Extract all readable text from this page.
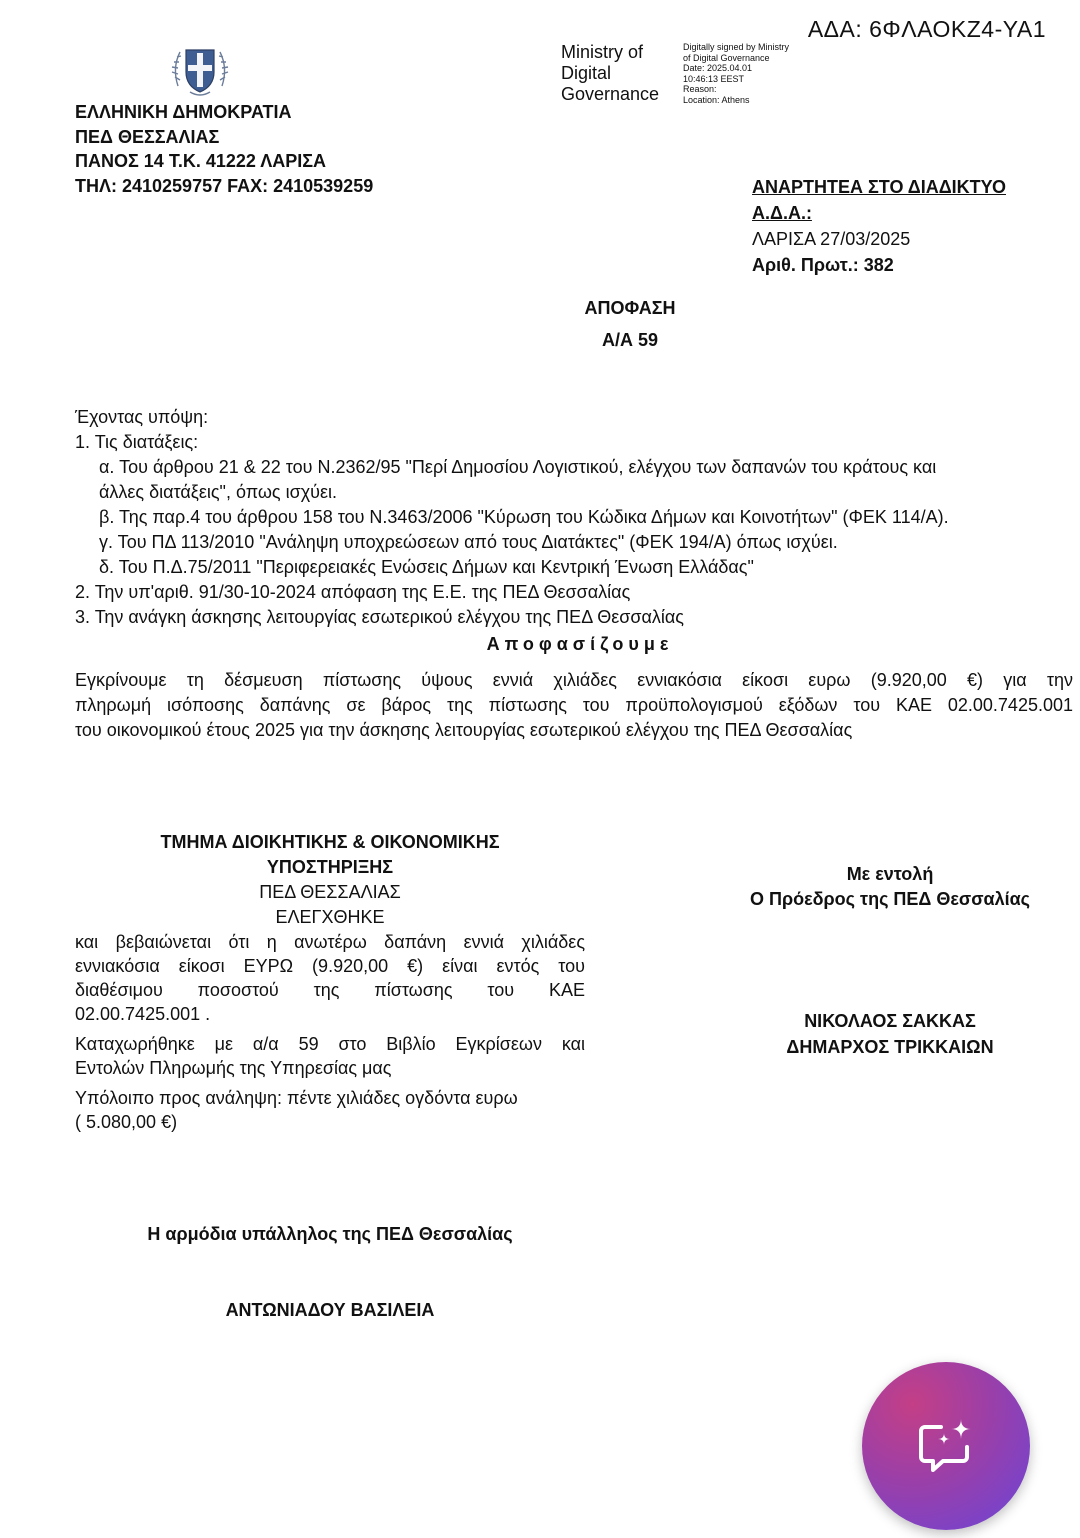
ΑΔΑ: 6ΦΛΑΟΚΖ4-ΥΑ1
ΕΛΛΗΝΙΚΗ ΔΗΜΟΚΡΑΤΙΑ
ΠΕΔ ΘΕΣΣΑΛΙΑΣ
ΠΑΝΟΣ 14 Τ.Κ. 41222 ΛΑΡΙΣΑ
ΤΗΛ: 2410259757 FAX: 2410539259
Ministry of
Digital
Governance
Digitally signed by Ministry
of Digital Governance
Date: 2025.04.01
10:46:13 EEST
Reason:
Location: Athens
ΑΝΑΡΤΗΤΕΑ ΣΤΟ ΔΙΑΔΙΚΤΥΟ
Α.Δ.Α.:
ΛΑΡΙΣΑ 27/03/2025
Αριθ. Πρωτ.: 382
ΑΠΟΦΑΣΗ
Α/Α 59
Έχοντας υπόψη:
1. Τις διατάξεις:
α. Του άρθρου 21 & 22 του Ν.2362/95 "Περί Δημοσίου Λογιστικού, ελέγχου των δαπανών του κράτους και
άλλες διατάξεις", όπως ισχύει.
β. Της παρ.4 του άρθρου 158 του Ν.3463/2006 "Κύρωση του Κώδικα Δήμων και Κοινοτήτων" (ΦΕΚ 114/Α).
γ. Του ΠΔ 113/2010 "Ανάληψη υποχρεώσεων από τους Διατάκτες" (ΦΕΚ 194/Α) όπως ισχύει.
δ. Του Π.Δ.75/2011 "Περιφερειακές Ενώσεις Δήμων και Κεντρική Ένωση Ελλάδας"
2. Την υπ'αριθ. 91/30-10-2024 απόφαση της Ε.Ε. της ΠΕΔ Θεσσαλίας
3. Την ανάγκη άσκησης λειτουργίας εσωτερικού ελέγχου της ΠΕΔ Θεσσαλίας
Αποφασίζουμε
Εγκρίνουμε τη δέσμευση πίστωσης ύψους εννιά χιλιάδες εννιακόσια είκοσι ευρω (9.920,00 €) για την
πληρωμή ισόποσης δαπάνης σε βάρος της πίστωσης του προϋπολογισμού εξόδων του ΚΑΕ 02.00.7425.001
του οικονομικού έτους 2025 για την άσκησης λειτουργίας εσωτερικού ελέγχου της ΠΕΔ Θεσσαλίας
ΤΜΗΜΑ ΔΙΟΙΚΗΤΙΚΗΣ & ΟΙΚΟΝΟΜΙΚΗΣ
ΥΠΟΣΤΗΡΙΞΗΣ
ΠΕΔ ΘΕΣΣΑΛΙΑΣ
ΕΛΕΓΧΘΗΚΕ
και βεβαιώνεται ότι η ανωτέρω δαπάνη εννιά χιλιάδες
εννιακόσια είκοσι ΕΥΡΩ (9.920,00 €) είναι εντός του
διαθέσιμου ποσοστού της πίστωσης του ΚΑΕ
02.00.7425.001 .
Καταχωρήθηκε με α/α 59 στο Βιβλίο Εγκρίσεων και
Εντολών Πληρωμής της Υπηρεσίας μας
Υπόλοιπο προς ανάληψη: πέντε χιλιάδες ογδόντα ευρω
( 5.080,00 €)
Με εντολή
Ο Πρόεδρος της ΠΕΔ Θεσσαλίας
ΝΙΚΟΛΑΟΣ ΣΑΚΚΑΣ
ΔΗΜΑΡΧΟΣ ΤΡΙΚΚΑΙΩΝ
Η αρμόδια υπάλληλος της ΠΕΔ Θεσσαλίας
ΑΝΤΩΝΙΑΔΟΥ ΒΑΣΙΛΕΙΑ
